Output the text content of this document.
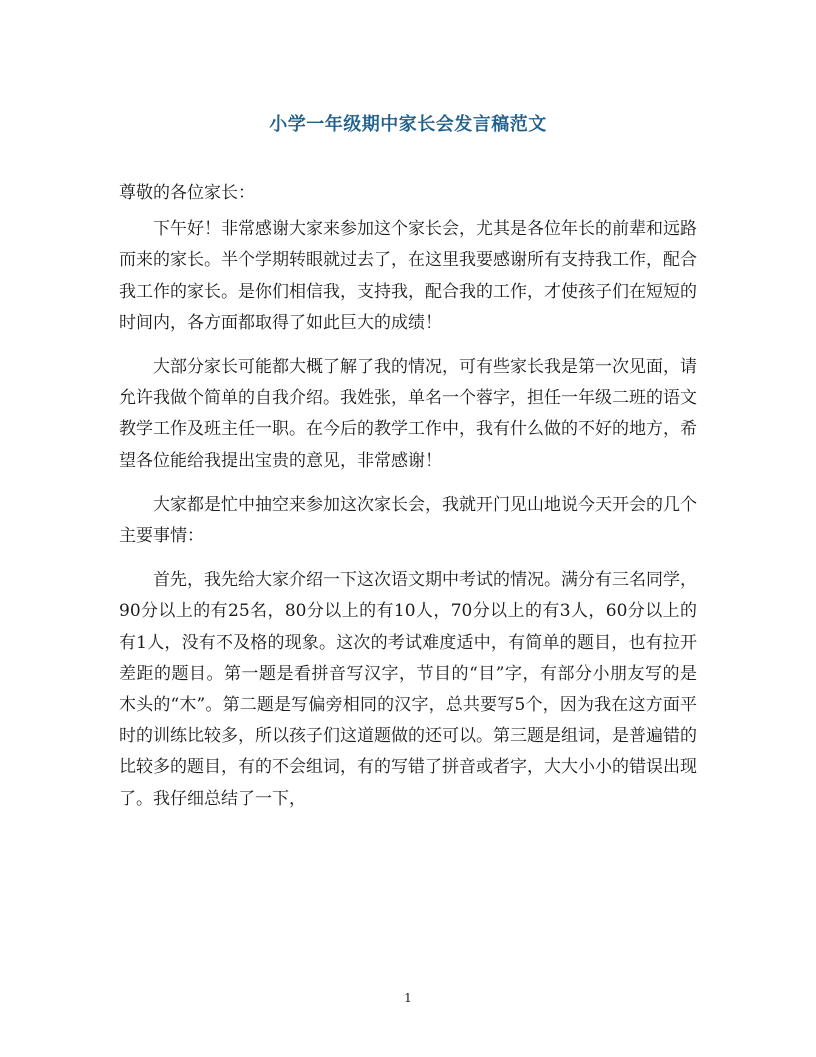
小学一年级期中家长会发言稿范文

尊敬的各位家长：

下午好！非常感谢大家来参加这个家长会，尤其是各位年长的前辈和远路而来的家长。半个学期转眼就过去了，在这里我要感谢所有支持我工作，配合我工作的家长。是你们相信我，支持我，配合我的工作，才使孩子们在短短的时间内，各方面都取得了如此巨大的成绩！

大部分家长可能都大概了解了我的情况，可有些家长我是第一次见面，请允许我做个简单的自我介绍。我姓张，单名一个蓉字，担任一年级二班的语文教学工作及班主任一职。在今后的教学工作中，我有什么做的不好的地方，希望各位能给我提出宝贵的意见，非常感谢！

大家都是忙中抽空来参加这次家长会，我就开门见山地说今天开会的几个主要事情：

首先，我先给大家介绍一下这次语文期中考试的情况。满分有三名同学，90分以上的有25名，80分以上的有10人，70分以上的有3人，60分以上的有1人，没有不及格的现象。这次的考试难度适中，有简单的题目，也有拉开差距的题目。第一题是看拼音写汉字，节目的“目”字，有部分小朋友写的是木头的“木”。第二题是写偏旁相同的汉字，总共要写5个，因为我在这方面平时的训练比较多，所以孩子们这道题做的还可以。第三题是组词，是普遍错的比较多的题目，有的不会组词，有的写错了拼音或者字，大大小小的错误出现了。我仔细总结了一下，

1
